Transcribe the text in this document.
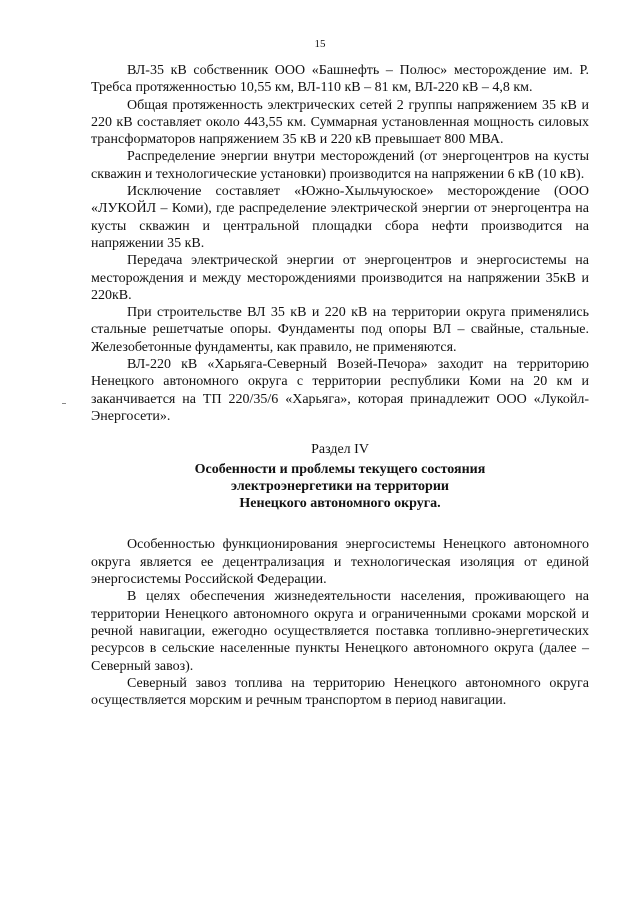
15

ВЛ-35 кВ собственник ООО «Башнефть – Полюс» месторождение им. Р. Требса протяженностью 10,55 км, ВЛ-110 кВ – 81 км, ВЛ-220 кВ – 4,8 км.

Общая протяженность электрических сетей 2 группы напряжением 35 кВ и 220 кВ составляет около 443,55 км. Суммарная установленная мощность силовых трансформаторов напряжением 35 кВ и 220 кВ превышает 800 МВА.

Распределение энергии внутри месторождений (от энергоцентров на кусты скважин и технологические установки) производится на напряжении 6 кВ (10 кВ).

Исключение составляет «Южно-Хыльчуюское» месторождение (ООО «ЛУКОЙЛ – Коми), где распределение электрической энергии от энергоцентра на кусты скважин и центральной площадки сбора нефти производится на напряжении 35 кВ.

Передача электрической энергии от энергоцентров и энергосистемы на месторождения и между месторождениями производится на напряжении 35кВ и 220кВ.

При строительстве ВЛ 35 кВ и 220 кВ на территории округа применялись стальные решетчатые опоры. Фундаменты под опоры ВЛ – свайные, стальные. Железобетонные фундаменты, как правило, не применяются.

ВЛ-220 кВ «Харьяга-Северный Возей-Печора» заходит на территорию Ненецкого автономного округа с территории республики Коми на 20 км и заканчивается на ТП 220/35/6 «Харьяга», которая принадлежит ООО «Лукойл-Энергосети».

Раздел IV
Особенности и проблемы текущего состояния
электроэнергетики на территории
Ненецкого автономного округа.

Особенностью функционирования энергосистемы Ненецкого автономного округа является ее децентрализация и технологическая изоляция от единой энергосистемы Российской Федерации.

В целях обеспечения жизнедеятельности населения, проживающего на территории Ненецкого автономного округа и ограниченными сроками морской и речной навигации, ежегодно осуществляется поставка топливно-энергетических ресурсов в сельские населенные пункты Ненецкого автономного округа (далее – Северный завоз).

Северный завоз топлива на территорию Ненецкого автономного округа осуществляется морским и речным транспортом в период навигации.
